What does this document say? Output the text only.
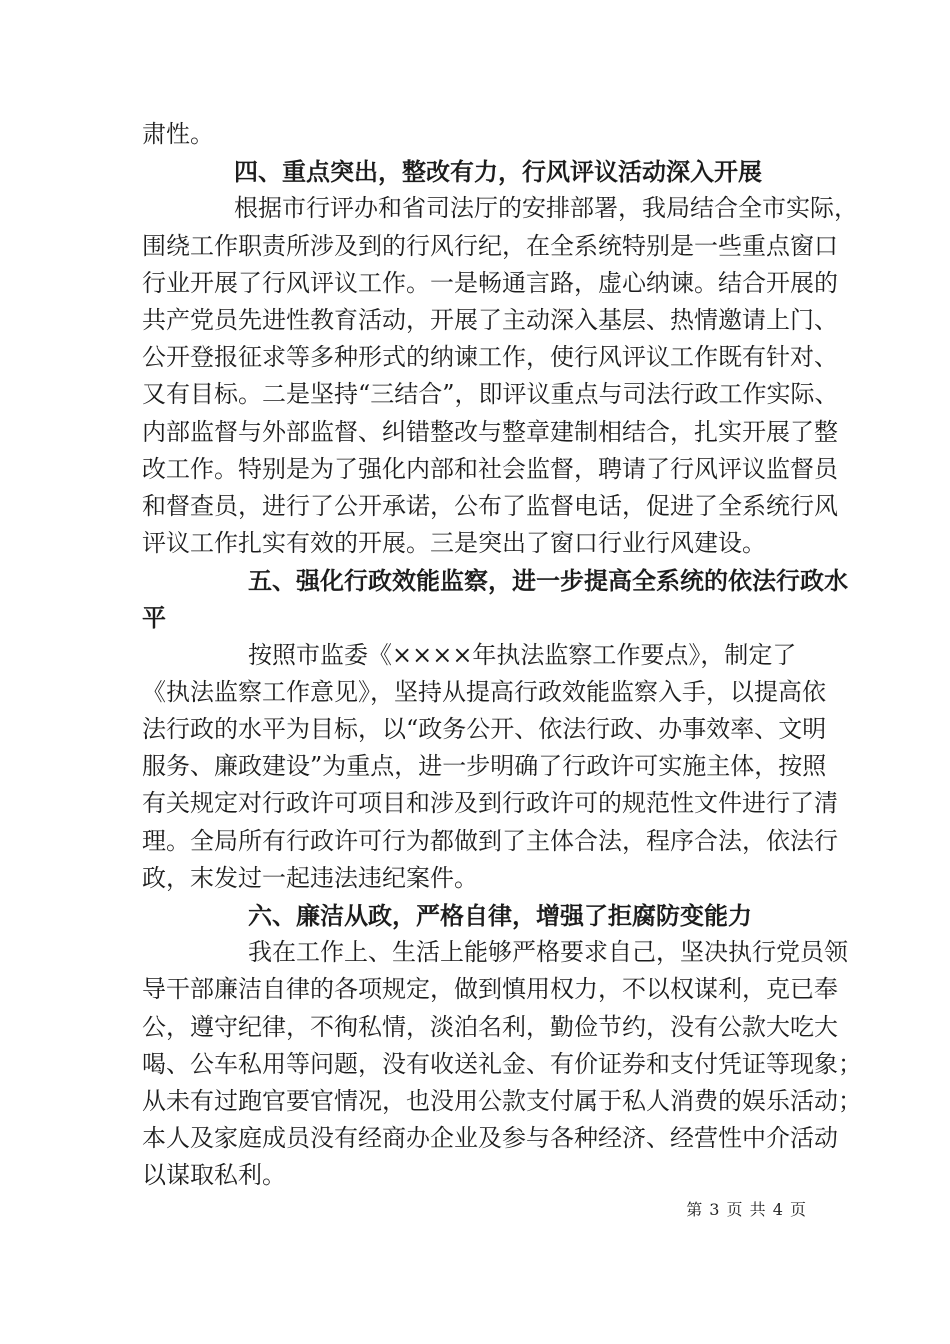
肃性。
四、重点突出，整改有力，行风评议活动深入开展
根据市行评办和省司法厅的安排部署，我局结合全市实际，
围绕工作职责所涉及到的行风行纪，在全系统特别是一些重点窗口
行业开展了行风评议工作。一是畅通言路，虚心纳谏。结合开展的
共产党员先进性教育活动，开展了主动深入基层、热情邀请上门、
公开登报征求等多种形式的纳谏工作，使行风评议工作既有针对、
又有目标。二是坚持“三结合”，即评议重点与司法行政工作实际、
内部监督与外部监督、纠错整改与整章建制相结合，扎实开展了整
改工作。特别是为了强化内部和社会监督，聘请了行风评议监督员
和督查员，进行了公开承诺，公布了监督电话，促进了全系统行风
评议工作扎实有效的开展。三是突出了窗口行业行风建设。
五、强化行政效能监察，进一步提高全系统的依法行政水
平
按照市监委《××××年执法监察工作要点》，制定了
《执法监察工作意见》，坚持从提高行政效能监察入手，以提高依
法行政的水平为目标，以“政务公开、依法行政、办事效率、文明
服务、廉政建设”为重点，进一步明确了行政许可实施主体，按照
有关规定对行政许可项目和涉及到行政许可的规范性文件进行了清
理。全局所有行政许可行为都做到了主体合法，程序合法，依法行
政，末发过一起违法违纪案件。
六、廉洁从政，严格自律，增强了拒腐防变能力
我在工作上、生活上能够严格要求自己，坚决执行党员领
导干部廉洁自律的各项规定，做到慎用权力，不以权谋利，克已奉
公，遵守纪律，不徇私情，淡泊名利，勤俭节约，没有公款大吃大
喝、公车私用等问题，没有收送礼金、有价证券和支付凭证等现象；
从未有过跑官要官情况，也没用公款支付属于私人消费的娱乐活动；
本人及家庭成员没有经商办企业及参与各种经济、经营性中介活动
以谋取私利。
第 3 页 共 4 页
